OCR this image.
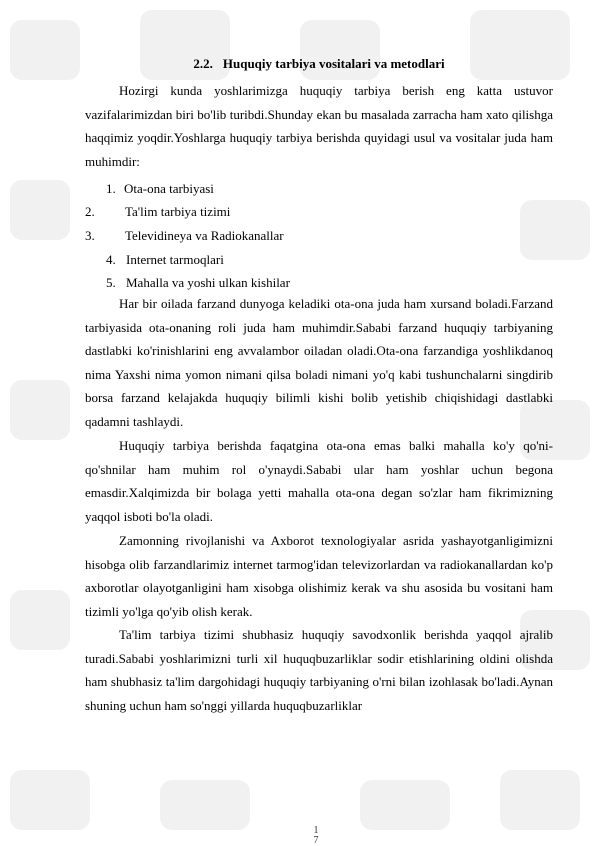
2.2. Huquqiy tarbiya vositalari va metodlari

Hozirgi kunda yoshlarimizga huquqiy tarbiya berish eng katta ustuvor vazifalarimizdan biri bo'lib turibdi.Shunday ekan bu masalada zarracha ham xato qilishga haqqimiz yoqdir.Yoshlarga huquqiy tarbiya berishda quyidagi usul va vositalar juda ham muhimdir:

1. Ota-ona tarbiyasi
2. Ta'lim tarbiya tizimi
3. Televidineya va Radiokanallar
4. Internet tarmoqlari
5. Mahalla va yoshi ulkan kishilar

Har bir oilada farzand dunyoga keladiki ota-ona juda ham xursand boladi.Farzand tarbiyasida ota-onaning roli juda ham muhimdir.Sababi farzand huquqiy tarbiyaning dastlabki ko'rinishlarini eng avvalambor oiladan oladi.Ota-ona farzandiga yoshlikdanoq nima Yaxshi nima yomon nimani qilsa boladi nimani yo'q kabi tushunchalarni singdirib borsa farzand kelajakda huquqiy bilimli kishi bolib yetishib chiqishidagi dastlabki qadamni tashlaydi.

Huquqiy tarbiya berishda faqatgina ota-ona emas balki mahalla ko'y qo'ni-qo'shnilar ham muhim rol o'ynaydi.Sababi ular ham yoshlar uchun begona emasdir.Xalqimizda bir bolaga yetti mahalla ota-ona degan so'zlar ham fikrimizning yaqqol isboti bo'la oladi.

Zamonning rivojlanishi va Axborot texnologiyalar asrida yashayotganligimizni hisobga olib farzandlarimiz internet tarmog'idan televizorlardan va radiokanallardan ko'p axborotlar olayotganligini ham xisobga olishimiz kerak va shu asosida bu vositani ham tizimli yo'lga qo'yib olish kerak.

Ta'lim tarbiya tizimi shubhasiz huquqiy savodxonlik berishda yaqqol ajralib turadi.Sababi yoshlarimizni turli xil huquqbuzarliklar sodir etishlarining oldini olishda ham shubhasiz ta'lim dargohidagi huquqiy tarbiyaning o'rni bilan izohlasak bo'ladi.Aynan shuning uchun ham so'nggi yillarda huquqbuzarliklar

1
7
